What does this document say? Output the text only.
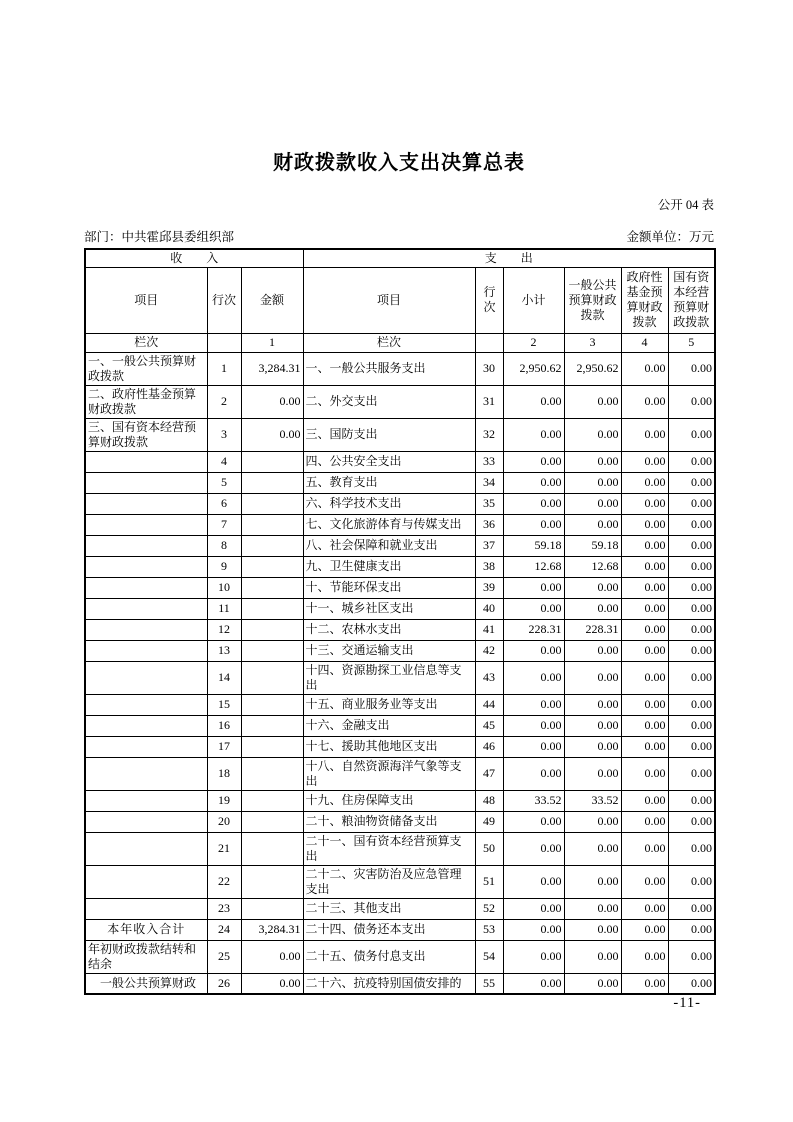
财政拨款收入支出决算总表
公开 04 表
部门：中共霍邱县委组织部	金额单位：万元
收　　入			支　　出					
项目	行次	金额	项目	行次	小计	一般公共预算财政拨款	政府性基金预算财政拨款	国有资本经营预算财政拨款
栏次		1	栏次		2	3	4	5
一、一般公共预算财政拨款	1	3,284.31	一、一般公共服务支出	30	2,950.62	2,950.62	0.00	0.00
二、政府性基金预算财政拨款	2	0.00	二、外交支出	31	0.00	0.00	0.00	0.00
三、国有资本经营预算财政拨款	3	0.00	三、国防支出	32	0.00	0.00	0.00	0.00
	4		四、公共安全支出	33	0.00	0.00	0.00	0.00
	5		五、教育支出	34	0.00	0.00	0.00	0.00
	6		六、科学技术支出	35	0.00	0.00	0.00	0.00
	7		七、文化旅游体育与传媒支出	36	0.00	0.00	0.00	0.00
	8		八、社会保障和就业支出	37	59.18	59.18	0.00	0.00
	9		九、卫生健康支出	38	12.68	12.68	0.00	0.00
	10		十、节能环保支出	39	0.00	0.00	0.00	0.00
	11		十一、城乡社区支出	40	0.00	0.00	0.00	0.00
	12		十二、农林水支出	41	228.31	228.31	0.00	0.00
	13		十三、交通运输支出	42	0.00	0.00	0.00	0.00
	14		十四、资源勘探工业信息等支出	43	0.00	0.00	0.00	0.00
	15		十五、商业服务业等支出	44	0.00	0.00	0.00	0.00
	16		十六、金融支出	45	0.00	0.00	0.00	0.00
	17		十七、援助其他地区支出	46	0.00	0.00	0.00	0.00
	18		十八、自然资源海洋气象等支出	47	0.00	0.00	0.00	0.00
	19		十九、住房保障支出	48	33.52	33.52	0.00	0.00
	20		二十、粮油物资储备支出	49	0.00	0.00	0.00	0.00
	21		二十一、国有资本经营预算支出	50	0.00	0.00	0.00	0.00
	22		二十二、灾害防治及应急管理支出	51	0.00	0.00	0.00	0.00
	23		二十三、其他支出	52	0.00	0.00	0.00	0.00
本年收入合计	24	3,284.31	二十四、债务还本支出	53	0.00	0.00	0.00	0.00
年初财政拨款结转和结余	25	0.00	二十五、债务付息支出	54	0.00	0.00	0.00	0.00
一般公共预算财政	26	0.00	二十六、抗疫特别国债安排的	55	0.00	0.00	0.00	0.00
-11-
